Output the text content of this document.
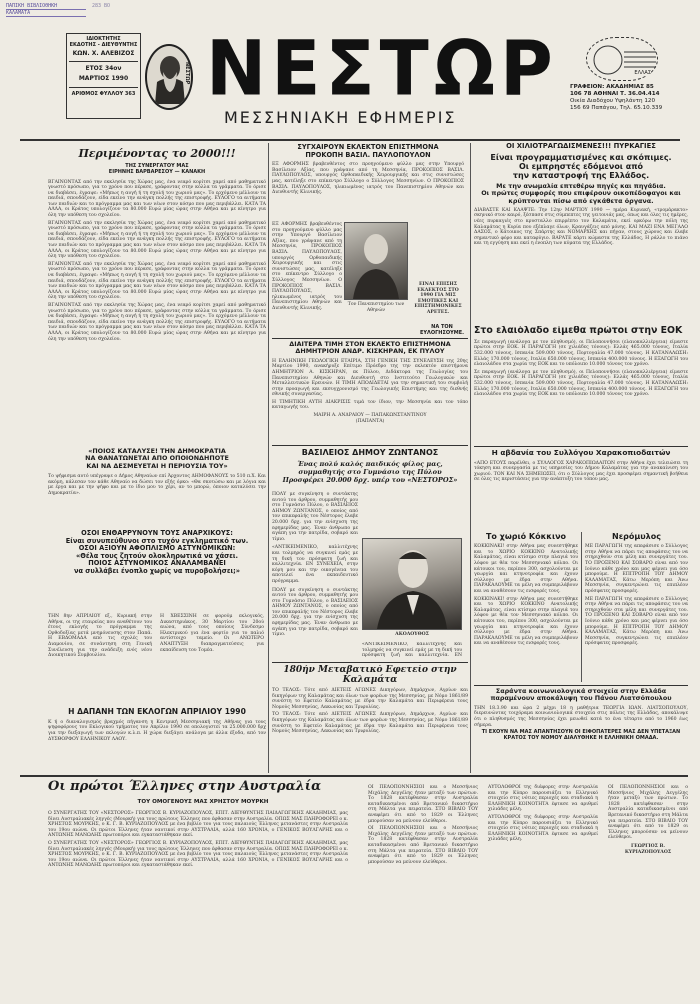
ΠΑΠΙΚΗ ΒΙΒΛΙΟΘΗΚΗ
ΚΑΛΑΜΑΤΑ
283 ΒΟ
ΙΔΙΟΚΤΗΤΗΣ
ΕΚΔΟΤΗΣ - ΔΙΕΥΘΥΝΤΗΣ
ΚΩΝ. Χ. ΑΛΕΒΙΖΟΣ
ΕΤΟΣ 34ον
ΜΑΡΤΙΟΣ 1990
ΑΡΙΘΜΟΣ ΦΥΛΛΟΥ 363
ΝΕΣΤΩΡ ΝΕΣΤΩΡ
ΜΕΣΣΗΝΙΑΚΗ ΕΦΗΜΕΡΙΣ
ΕΛΛΑΣ
ΓΡΑΦΕΙΟΝ: ΑΚΑΔΗΜΙΑΣ 85
106 78 ΑΘΗΝΑΙ Τ. 36.04.414
Οικία Διαδόχου Υψηλάντη 120
156 69 Παπάγου, Τηλ. 65.10.339
Περιμένοντας το 2000!!!
ΤΗΣ ΣΥΝΕΡΓΑΤΟΥ ΜΑΣ
ΕΙΡΗΝΗΣ ΒΑΡΒΑΡΕΣΟΥ — ΚΑΝΑΚΗ
ΒΓΑΙΝΟΝΤΑΣ από την εκκλησία της Χώρας μας, ένα νεαρό κορίτσι χαρεί από μαθηματικό γνωστό πρόσωπο, για το χρόνο που πέρασε, γράφοντας στην κόλλα τα γράμματα. Το όρισε να διαβάσει, έγραψε: «Μήπως η αυγή ή τη σχολή του χωριού μας». Το ερχόμενο μέλλουν τα παιδιά, σπουδάζουν, είδα εκείνο την ανάγκη πολλής της επιστροφής. ΕΥΛΟΓΟ τα αιτήματα των παιδιών και το πρόγραμμα μας και των νέων στον κόσμο που μας περιβάλλει. ΚΑΤΑ ΤΑ ΑΛΛΑ, οι Κράτος υπολογίζουν τα 80.000 Ευρώ μίας ώρας στην Αθήνα και με κίνητρο για όλη την υπόθεση του σχολείου.
ΒΓΑΙΝΟΝΤΑΣ από την εκκλησία της Χώρας μας, ένα νεαρό κορίτσι χαρεί από μαθηματικό γνωστό πρόσωπο, για το χρόνο που πέρασε, γράφοντας στην κόλλα τα γράμματα. Το όρισε να διαβάσει, έγραψε: «Μήπως η αυγή ή τη σχολή του χωριού μας». Το ερχόμενο μέλλουν τα παιδιά, σπουδάζουν, είδα εκείνο την ανάγκη πολλής της επιστροφής. ΕΥΛΟΓΟ τα αιτήματα των παιδιών και το πρόγραμμα μας και των νέων στον κόσμο που μας περιβάλλει. ΚΑΤΑ ΤΑ ΑΛΛΑ, οι Κράτος υπολογίζουν τα 80.000 Ευρώ μίας ώρας στην Αθήνα και με κίνητρο για όλη την υπόθεση του σχολείου.
ΒΓΑΙΝΟΝΤΑΣ από την εκκλησία της Χώρας μας, ένα νεαρό κορίτσι χαρεί από μαθηματικό γνωστό πρόσωπο, για το χρόνο που πέρασε, γράφοντας στην κόλλα τα γράμματα. Το όρισε να διαβάσει, έγραψε: «Μήπως η αυγή ή τη σχολή του χωριού μας». Το ερχόμενο μέλλουν τα παιδιά, σπουδάζουν, είδα εκείνο την ανάγκη πολλής της επιστροφής. ΕΥΛΟΓΟ τα αιτήματα των παιδιών και το πρόγραμμα μας και των νέων στον κόσμο που μας περιβάλλει. ΚΑΤΑ ΤΑ ΑΛΛΑ, οι Κράτος υπολογίζουν τα 80.000 Ευρώ μίας ώρας στην Αθήνα και με κίνητρο για όλη την υπόθεση του σχολείου.
ΒΓΑΙΝΟΝΤΑΣ από την εκκλησία της Χώρας μας, ένα νεαρό κορίτσι χαρεί από μαθηματικό γνωστό πρόσωπο, για το χρόνο που πέρασε, γράφοντας στην κόλλα τα γράμματα. Το όρισε να διαβάσει, έγραψε: «Μήπως η αυγή ή τη σχολή του χωριού μας». Το ερχόμενο μέλλουν τα παιδιά, σπουδάζουν, είδα εκείνο την ανάγκη πολλής της επιστροφής. ΕΥΛΟΓΟ τα αιτήματα των παιδιών και το πρόγραμμα μας και των νέων στον κόσμο που μας περιβάλλει. ΚΑΤΑ ΤΑ ΑΛΛΑ, οι Κράτος υπολογίζουν τα 80.000 Ευρώ μίας ώρας στην Αθήνα και με κίνητρο για όλη την υπόθεση του σχολείου.
«ΠΟΙΟΣ ΚΑΤΑΛΥΣΕ! ΤΗΝ ΔΗΜΟΚΡΑΤΙΑ
ΝΑ ΘΑΝΑΤΩΝΕΤΑΙ ΑΠΟ ΟΠΟΙΟΝΔΗΠΟΤΕ
ΚΑΙ ΝΑ ΔΕΣΜΕΥΕΤΑΙ Η ΠΕΡΙΟΥΣΙΑ ΤΟΥ»
Το ψήφισμα αυτό υπέγραψε ο Δήμος Αθηναίων επί Άρχοντος ΔΗΜΟΦΑΝΟΥΣ το 510 π.Χ. Και ακόμη, κάλεσαν τον κάθε Αθηναίο να δώσει τον εξής όρκο: «Θα σκοτώσω και με λόγια και με έργα και με την ψήφο και με το ίδιο μου το χέρι, αν το μπορώ, όποιον καταλύσει την Δημοκρατία».
ΟΣΟΙ ΕΝΘΑΡΡΥΝΟΥΝ ΤΟΥΣ ΑΝΑΡΧΙΚΟΥΣ:
Είναι συνυπεύθυνοι στο τυχόν εγκληματικό των.
ΟΣΟΙ ΑΞΙΟΥΝ ΑΦΟΠΛΙΣΜΟ ΑΣΤΥΝΟΜΙΚΩΝ:
«Θέλα τους ζητούν ολοκληρωτικά να χάσει.
ΠΟΙΟΣ ΑΣΤΥΝΟΜΙΚΟΣ ΑΝΑΛΑΜΒΑΝΕΙ
να συλλάβει ένοπλο χωρίς να πυροβολήσει;»
ΤΗΝ 8ην ΑΠΡΙΛΙΟΥ εξ., Κυριακή στην Αθήνα, οι της εταιρείας που αναθέτουν του έτους εκλογής το πρόγραμμα της Ορθοδοξίας μετά μνημόνευσης στον Παπά. Η ΕΒΔΟΜΑΔΑ από τις σχολές του Διαμονίου, σε συνάντηση στη Γενική Συνέλευση για την ανάδειξη ενός νέου Διοικητικού Συμβουλίου.
Η ΧΒΕΣΣΙΝΗ σε φορούμ εκλογικός, Δικαστηριάκος, 30 Μαρτίου του 20ού αιώνα, από τους οποίους Σύνδεσμο Ηλεκτρικού για ένα φορτίο για το παλιό αντίστοιχο ταμείο. Οι ΑΝΩΤΕΡΟ ΑΝΑΠΤΥΞΗ διαπραγματεύσεις για εκπαίδευση του Τομέα.
Η ΔΑΠΑΝΗ ΤΩΝ ΕΚΛΟΓΩΝ ΑΠΡΙΛΙΟΥ 1990
Κ ή ο διαναλογισμός βραχμός πήγανση η Κεντρική Μεσσηνιακή της Αθήνας για τους ψηφοφόρους του Εκλογικού τμήματος τον Απρίλιο 1990 σε οπολογιστεί τα 25.000.000 δρχ για την διεξαγωγή των εκλογών κ.λ.π. Η χώρα διεξάγει ανάλογα με άλλα έξοδα, από τον ΔΥΣΘΟΡΦΟΥ ΕΛΛΗΝΙΚΟΥ ΛΑΟΥ.
ΣΥΓΧΑΙΡΟΥΝ ΕΚΛΕΚΤΟΝ ΕΠΙΣΤΗΜΟΝΑ
ΠΡΟΚΟΠΗ ΒΑΣΙΛ. ΠΑΥΛΟΠΟΥΛΟΝ
ΕΞ ΑΦΟΡΜΗΣ βραβευθέντος στο προηγούμενο φύλλο μας στην Υπουργό Βασίλειον Αξίας, που γράψανε από τη Μεσσηνία, ΠΡΟΚΟΠΙΟΣ ΒΑΣΙΛ. ΠΑΥΛΟΠΟΥΛΟΣ, υπουργός Ορθοπαιδικής Χειρουργικής και στις συνιστώσες μας, κατέληξε στο επίκεντρο Σύλλογο ο Σύλλογος Μεσσηνίων. Ο ΠΡΟΚΟΠΙΟΣ ΒΑΣΙΛ. ΠΑΥΛΟΠΟΥΛΟΣ, ηλικιωμένος ιατρός του Πανεπιστημίου Αθηνών και Διευθυντής Κλινικής.
ΕΞ ΑΦΟΡΜΗΣ βραβευθέντος στο προηγούμενο φύλλο μας στην Υπουργό Βασίλειον Αξίας, που γράψανε από τη Μεσσηνία, ΠΡΟΚΟΠΙΟΣ ΒΑΣΙΛ. ΠΑΥΛΟΠΟΥΛΟΣ, υπουργός Ορθοπαιδικής Χειρουργικής και στις συνιστώσες μας, κατέληξε στο επίκεντρο Σύλλογο ο Σύλλογος Μεσσηνίων. Ο ΠΡΟΚΟΠΙΟΣ ΒΑΣΙΛ. ΠΑΥΛΟΠΟΥΛΟΣ, ηλικιωμένος ιατρός του Πανεπιστημίου Αθηνών και Διευθυντής Κλινικής.
Τον Πανεπιστημίου των Αθηνών
ΕΙΝΑΙ ΕΠΙΣΗΣ ΕΚΛΕΚΤΟΣ ΣΤΟ 1990 ΓΙΑ ΜΙΣ ΕΜΟΤΙΚΕΣ ΚΑΙ ΕΠΙΣΤΗΜΟΝΙΚΕΣ ΑΡΕΤΕΣ.
ΝΑ ΤΟΝ ΕΥΛΟΓΗΣΟΥΜΕ.
ΔΙΑΙΤΕΡΑ ΤΙΜΗ ΣΤΟΝ ΕΚΛΕΚΤΟ ΕΠΙΣΤΗΜΟΝΑ
ΔΗΜΗΤΡΙΟΝ ΑΝΔΡ. ΚΙΣΚΗΡΑΝ, ΕΚ ΠΥΛΟΥ
Η ΕΛΛΗΝΙΚΗ ΓΕΩΛΟΓΙΚΗ ΕΤΑΙΡΙΑ, ΣΤΗ ΓΕΝΙΚΗ ΤΗΣ ΣΥΝΕΛΕΥΣΗ της 20ης Μαρτίου 1990, ανακήρυξε Επίτιμο Πρόεδρο της την εκλεκτόν επιστήμονα ΔΗΜΗΤΡΙΟΝ Α. ΚΙΣΚΗΡΑΝ, εκ Πύλου, Διδάκτορα της Γεωλογίας του Πανεπιστημίου Αθηνών και Διευθυντή στο Ινστιτούτο Γεωλογικών και Μεταλλευτικών Ερευνών. Η ΤΙΜΗ ΑΠΟΔΙΔΕΤΑΙ για την σημαντική του συμβολή στην προαγωγή και εκσυγχρονισμό της Γεωλογικής Επιστήμης και της διεθνής εθνικής συνεργασίας.
Η ΤΙΜΗΤΙΚΗ ΑΥΤΗ ΔΙΑΚΡΙΣΙΣ τιμά τον ίδιον, την Μεσσηνία και τον τόπο καταγωγής του.
ΜΑΙΡΗ Α. ΑΝΔΡΑΙΟΥ — ΠΑΠΑΚΩΝΣΤΑΝΤΙΝΟΥ
(ΠΑΠΑΝΤΑ)
ΒΑΣΙΛΕΙΟΣ ΔΗΜΟΥ ΖΩΝΤΑΝΟΣ
Ένας πολύ καλός παιδικός φίλος μας,
συμμαθητής στο Γυμνάσιο της Πύλου
Προσφέρει 20.000 δρχ. υπέρ του «ΝΕΣΤΟΡΟΣ»
ΠΟΛΥ με συγκίνηση ο συντάκτης αυτού του άρθρου, συμμαθητής μου στο Γυμνάσιο Πύλου, ο ΒΑΣΙΛΕΙΟΣ ΔΗΜΟΥ ΖΩΝΤΑΝΟΣ, ο οποίος από τον επικεφαλής του Νέστορος έλαβε 20.000 δρχ. για την ενίσχυση της εφημερίδας μας. Έναν άνθρωπο με αγάπη για την πατρίδα, σοβαρό και τίμιο.
«ΑΝΤΙΚΕΙΜΕΝΙΚΟ, καλλιτέχνης και τολμηρός να συγκινεί εμάς με τη δική του πρόσφατη ζωή και καλλιτεχνία. ΕΝ ΣΥΝΕΧΕΙΑ, στην κόρη μου και την οικογένεια του αποτελεί ένα εκπαιδευτικό πρόγραμμα.
ΠΟΛΥ με συγκίνηση ο συντάκτης αυτού του άρθρου, συμμαθητής μου στο Γυμνάσιο Πύλου, ο ΒΑΣΙΛΕΙΟΣ ΔΗΜΟΥ ΖΩΝΤΑΝΟΣ, ο οποίος από τον επικεφαλής του Νέστορος έλαβε 20.000 δρχ. για την ενίσχυση της εφημερίδας μας. Έναν άνθρωπο με αγάπη για την πατρίδα, σοβαρό και τίμιο.	ΑΚΟΛΟΥΘΟΣ
«ΑΝΤΙΚΕΙΜΕΝΙΚΟ, καλλιτέχνης και τολμηρός να συγκινεί εμάς με τη δική του πρόσφατη ζωή και καλλιτεχνία. ΕΝ
180ήν Μεταβατικό Εφετείο στην Καλαμάτα
ΤΟ ΤΕΛΟΣ: Τότε από ΔΙΕΤΕΙΣ ΑΓΩΝΕΣ Δικηγόρων, Δημάρχων, Αγρίων και δικηγόρων της Καλαμάτας και όλων των φορέων της Μεσσηνίας, με Νόμο 1861/89 συνέστη το Εφετείο Καλαμάτας με έδρα την Καλαμάτα και Περιφέρεια τους Νομούς Μεσσηνίας, Λακωνίας και Τριφυλίας.
ΤΟ ΤΕΛΟΣ: Τότε από ΔΙΕΤΕΙΣ ΑΓΩΝΕΣ Δικηγόρων, Δημάρχων, Αγρίων και δικηγόρων της Καλαμάτας και όλων των φορέων της Μεσσηνίας, με Νόμο 1861/89 συνέστη το Εφετείο Καλαμάτας με έδρα την Καλαμάτα και Περιφέρεια τους Νομούς Μεσσηνίας, Λακωνίας και Τριφυλίας.
ΟΙ ΧΙΛΙΟΤΡΑΓΩΔΙΣΜΕΝΕΣ!!! ΠΥΡΚΑΓΙΕΣ
Είναι προγραμματισμένες και σκόπιμες.
Οι εμπρηστές εδόμενοι από
την καταστροφή της Ελλάδος.
Με την ανωμαλία επτεθέρω πηγές και πηγάδια.
Οι πρώτες συμφορές που επιφέρουν οικοπέδοφαγοι και κρύπτονται πίσω από εγκάθετα όργανα.
ΔΙΑΒΑΣΤΕ ΚΑΙ ΚΛΑΨΤΕ: Την 12ην ΜΑΡΤΙΟΥ 1990 — ημέρα Κυριακή, «τρομάρακτο» σκηνικό στον καιρό, ξέσπασε στις σύμπεπτες της γειτονιάς μας, όπως και όλες τις ημέρες, νέες πυρκαγιές στο κρυσταλλο επιρρέπτο τον Καλαμάτα, εκεί ορκόρω την πόλη της Καλαμάτας η Κυρία που εξέπλαγε όλων, Κραυγάζεις από μόνης. ΚΑΙ ΜΑΖΙ ΕΝΑ ΜΕΓΑΛΟ ΔΑΣΟΣ, ο Κάτοικος της Σπάρτης και ΝΟΜΑΡΧΗΣ και πήγαν, στους χώρους και έλαβε σημαντικό φόρο και καταφύγιο. ΒΑΡΑΤΕ κάρτι κώμαστα της Ελλάδος, Η ράλλο το πιάνο και τη εγγύηση και εκεί η ένοπλη των κύματα της Ελλάδος.
Στο ελαιόλαδο είμεθα πρώτοι στην ΕΟΚ
Σε παραγωγή (ανάλογα με τον πληθυσμό), οι Πελοποννήσοι (ελαιοκαλλιέργεια) είμαστε πρώτοι στην ΕΟΚ. Η ΠΑΡΑΓΩΓΗ (σε χιλιάδες τόνους): Ελλάς 465.000 τόνους, Ιταλία 532.000 τόνους, Ισπανία 509.000 τόνους, Πορτογαλία 47.000 τόνους. Η ΚΑΤΑΝΑΛΩΣΗ: Ελλάς 170.000 τόνους, Ιταλία 650.000 τόνους, Ισπανία 400.000 τόνους. Η ΕΞΑΓΩΓΗ του ελαιολάδου στα χωρία της ΕΟΚ και το υπόλοιπο 10.000 τόνους τον χρόνο.
Σε παραγωγή (ανάλογα με τον πληθυσμό), οι Πελοποννήσοι (ελαιοκαλλιέργεια) είμαστε πρώτοι στην ΕΟΚ. Η ΠΑΡΑΓΩΓΗ (σε χιλιάδες τόνους): Ελλάς 465.000 τόνους, Ιταλία 532.000 τόνους, Ισπανία 509.000 τόνους, Πορτογαλία 47.000 τόνους. Η ΚΑΤΑΝΑΛΩΣΗ: Ελλάς 170.000 τόνους, Ιταλία 650.000 τόνους, Ισπανία 400.000 τόνους. Η ΕΞΑΓΩΓΗ του ελαιολάδου στα χωρία της ΕΟΚ και το υπόλοιπο 10.000 τόνους τον χρόνο.
Η αβδανία του Συλλόγου Χαρακοπιοδαιτών
«ΑΠΟ ΕΤΟΥΣ παρέλθει, ο ΣΥΛΛΟΓΟΣ ΧΑΡΑΚΟΠΙΩΔΑΙΤΩΝ στην Αθήνα έχει τελειώσει τη τόκηση και συνεργασία με τις υπηρεσίες του Δήμου Καλαμάτας για την ανακαίνιση του χωριού. ΤΟΝ ΚΑΙ ΝΑ ΣΗΜΕΙΩΣΕΙ, ότι ο Σύλλογος μας έχει προσφέρει σημαντική βοήθεια σε όλες τις περιστάσεις για την ανάπτυξη του τόπου μας.
Το χωριό Κόκκινο
ΚΟΚΚΙΝΑΚΙ! στην Αθήνα μας συνεστήθηκε και το ΧΩΡΙΟ ΚΟΚΚΙΝΟ Ανατολικής Καλαμάτας, είναι κτίσιμο στην πλαγιά του λόφου με θέα τον Μεσσηνιακό κόλπο. Οι κάτοικοι του, περίπου 300, ασχολούνται με γεωργία και κτηνοτροφία και έχουν σύλλογο με έδρα στην Αθήνα. ΠΑΡΑΚΑΛΟΥΜΕ τα μέλη να συμπεριλάβουν και να αναθέσουν τις εισφορές τους.
ΚΟΚΚΙΝΑΚΙ! στην Αθήνα μας συνεστήθηκε και το ΧΩΡΙΟ ΚΟΚΚΙΝΟ Ανατολικής Καλαμάτας, είναι κτίσιμο στην πλαγιά του λόφου με θέα τον Μεσσηνιακό κόλπο. Οι κάτοικοι του, περίπου 300, ασχολούνται με γεωργία και κτηνοτροφία και έχουν σύλλογο με έδρα στην Αθήνα. ΠΑΡΑΚΑΛΟΥΜΕ τα μέλη να συμπεριλάβουν και να αναθέσουν τις εισφορές τους.
Νερόμυλος
ΜΕ ΠΑΡΑΓΩΓΗ της απεφάσισε ο Σύλλογος στην Αθήνα να πάρει τις αποφάσεις του να στηριχθούν στα μέλη και συνεργάτες του. ΤΟ ΠΡΟΞΕΝΟ ΚΑΙ ΣΟΒΑΡΟ είναι από τον Ιούνιο κάθε χρόνο και μας φέρνει για όσο μπορούμε. Η ΕΠΙΤΡΟΠΗ ΤΟΥ ΔΗΜΟΥ ΚΑΛΑΜΑΤΑΣ, Κάτω Μερόπη και Άνω Μεσσηνία, συγκεντρώνει τις επιπλέον πρόσφατες προσφορές.
ΜΕ ΠΑΡΑΓΩΓΗ της απεφάσισε ο Σύλλογος στην Αθήνα να πάρει τις αποφάσεις του να στηριχθούν στα μέλη και συνεργάτες του. ΤΟ ΠΡΟΞΕΝΟ ΚΑΙ ΣΟΒΑΡΟ είναι από τον Ιούνιο κάθε χρόνο και μας φέρνει για όσο μπορούμε. Η ΕΠΙΤΡΟΠΗ ΤΟΥ ΔΗΜΟΥ ΚΑΛΑΜΑΤΑΣ, Κάτω Μερόπη και Άνω Μεσσηνία, συγκεντρώνει τις επιπλέον πρόσφατες προσφορές.
Σαράντα κοινωνιολογικά στοιχεία στην Ελλάδα
παραμένουν αποκάλυψη του Πάνου Λιατσόπουλου
ΤΗΝ 18.3.90 και ώρα 2 μέχρι 18 η μαθήτρια ΤΕΩΡΓΙΑ ΙΩΑΝ. ΛΙΑΤΣΟΠΟΥΛΟΥ, διερευνώντας τοιχόραμα κοινωνιολογικά στοιχεία στις πόλεις της Ελλάδας, αποκάλυψε ότι ο πληθυσμός της Μεσσηνίας έχει μειωθεί κατά το ένα τέταρτο από το 1960 έως σήμερα.
ΤΙ ΕΧΟΥΝ ΝΑ ΜΑΣ ΑΠΑΝΤΗΣΟΥΝ ΟΙ ΕΙΦΟΠΑΤΕΡΕΣ ΜΑΣ ΔΕΝ ΥΠΕΤΑΞΑΝ ΚΡΑΤΟΣ ΤΟΥ ΝΟΜΟΥ ΔΙΑΛΥΘΗΚΕ Η ΕΛΛΗΝΙΚΗ ΟΜΑΔΑ.
Οι πρώτοι Έλληνες στην Αυστραλία
ΤΟΥ ΟΜΟΓΕΝΟΥΣ ΜΑΣ ΧΡΗΣΤΟΥ ΜΟΥΡΚΗ
Ο ΣΥΝΕΡΓΑΤΗΣ ΤΟΥ «ΝΕΣΤΟΡΟΣ» ΓΕΩΡΓΙΟΣ Β. ΚΥΡΙΑΖΟΠΟΥΛΟΣ, ΕΠΙΤ. ΔΙΕΥΘΥΝΤΗΣ ΠΑΙΔΑΓΩΓΙΚΗΣ ΑΚΑΔΗΜΙΑΣ, μας δίνει Αυστραλιακές ληγγές (Μουρκή) για τους πρώτους Έλληνες που έφθασαν στην Αυστραλία. ΟΠΩΣ ΜΑΣ ΠΛΗΡΟΦΟΡΕΙ ο κ. ΧΡΗΣΤΟΣ ΜΟΥΡΚΗΣ, ο Κ. Γ. Β. ΚΥΡΙΑΖΟΠΟΥΛΟΣ με ένα βιβλίο του για τους παλαιούς Έλληνες μετανάστες στην Αυστραλία του 19ου αιώνα. Οι πρώτοι Έλληνες ήταν ναυτικοί στην ΑΥΣΤΡΑΛΙΑ, αλλά 160 ΧΡΟΝΙΑ, ο ΓΕΝΙΚΟΣ ΒΟΥΛΓΑΡΗΣ και ο ΑΝΤΩΝΗΣ ΜΑΝΩΛΗΣ πρωτοπόροι και εγκαταστάθηκαν εκεί.
Ο ΣΥΝΕΡΓΑΤΗΣ ΤΟΥ «ΝΕΣΤΟΡΟΣ» ΓΕΩΡΓΙΟΣ Β. ΚΥΡΙΑΖΟΠΟΥΛΟΣ, ΕΠΙΤ. ΔΙΕΥΘΥΝΤΗΣ ΠΑΙΔΑΓΩΓΙΚΗΣ ΑΚΑΔΗΜΙΑΣ, μας δίνει Αυστραλιακές ληγγές (Μουρκή) για τους πρώτους Έλληνες που έφθασαν στην Αυστραλία. ΟΠΩΣ ΜΑΣ ΠΛΗΡΟΦΟΡΕΙ ο κ. ΧΡΗΣΤΟΣ ΜΟΥΡΚΗΣ, ο Κ. Γ. Β. ΚΥΡΙΑΖΟΠΟΥΛΟΣ με ένα βιβλίο του για τους παλαιούς Έλληνες μετανάστες στην Αυστραλία του 19ου αιώνα. Οι πρώτοι Έλληνες ήταν ναυτικοί στην ΑΥΣΤΡΑΛΙΑ, αλλά 160 ΧΡΟΝΙΑ, ο ΓΕΝΙΚΟΣ ΒΟΥΛΓΑΡΗΣ και ο ΑΝΤΩΝΗΣ ΜΑΝΩΛΗΣ πρωτοπόροι και εγκαταστάθηκαν εκεί.
ΟΙ ΠΕΛΟΠΟΝΝΗΣΙΟΙ και ο Μεσσήνιος Μιχάλης Δεγγέλης ήταν μεταξύ των πρώτων. Το 1828 κατέφθασαν στην Αυστραλία καταδικασμένοι από Βρετανικό δικαστήριο στη Μάλτα για πειρατεία. ΣΤΟ ΒΙΒΛΙΟ ΤΟΥ αναφέρει ότι από το 1829 οι Έλληνες μπορούσαν να μείνουν ελεύθεροι.
ΟΙ ΠΕΛΟΠΟΝΝΗΣΙΟΙ και ο Μεσσήνιος Μιχάλης Δεγγέλης ήταν μεταξύ των πρώτων. Το 1828 κατέφθασαν στην Αυστραλία καταδικασμένοι από Βρετανικό δικαστήριο στη Μάλτα για πειρατεία. ΣΤΟ ΒΙΒΛΙΟ ΤΟΥ αναφέρει ότι από το 1829 οι Έλληνες μπορούσαν να μείνουν ελεύθεροι.
ΑΥΤΟΛΟΘΡΟΙ της διάφορες στην Αυστραλία και την Κύπρο παρουσιάζει το Ελληνικό στοιχείο στις νότιες περιοχές και σταδιακά η ΕΛΛΗΝΙΚΗ ΚΟΙΝΟΤΗΤΑ έφτασε να αριθμεί χιλιάδες μέλη.
ΑΥΤΟΛΟΘΡΟΙ της διάφορες στην Αυστραλία και την Κύπρο παρουσιάζει το Ελληνικό στοιχείο στις νότιες περιοχές και σταδιακά η ΕΛΛΗΝΙΚΗ ΚΟΙΝΟΤΗΤΑ έφτασε να αριθμεί χιλιάδες μέλη.
ΟΙ ΠΕΛΟΠΟΝΝΗΣΙΟΙ και ο Μεσσήνιος Μιχάλης Δεγγέλης ήταν μεταξύ των πρώτων. Το 1828 κατέφθασαν στην Αυστραλία καταδικασμένοι από Βρετανικό δικαστήριο στη Μάλτα για πειρατεία. ΣΤΟ ΒΙΒΛΙΟ ΤΟΥ αναφέρει ότι από το 1829 οι Έλληνες μπορούσαν να μείνουν ελεύθεροι.
ΓΕΩΡΓΙΟΣ Β. ΚΥΡΙΑΖΟΠΟΥΛΟΣ
